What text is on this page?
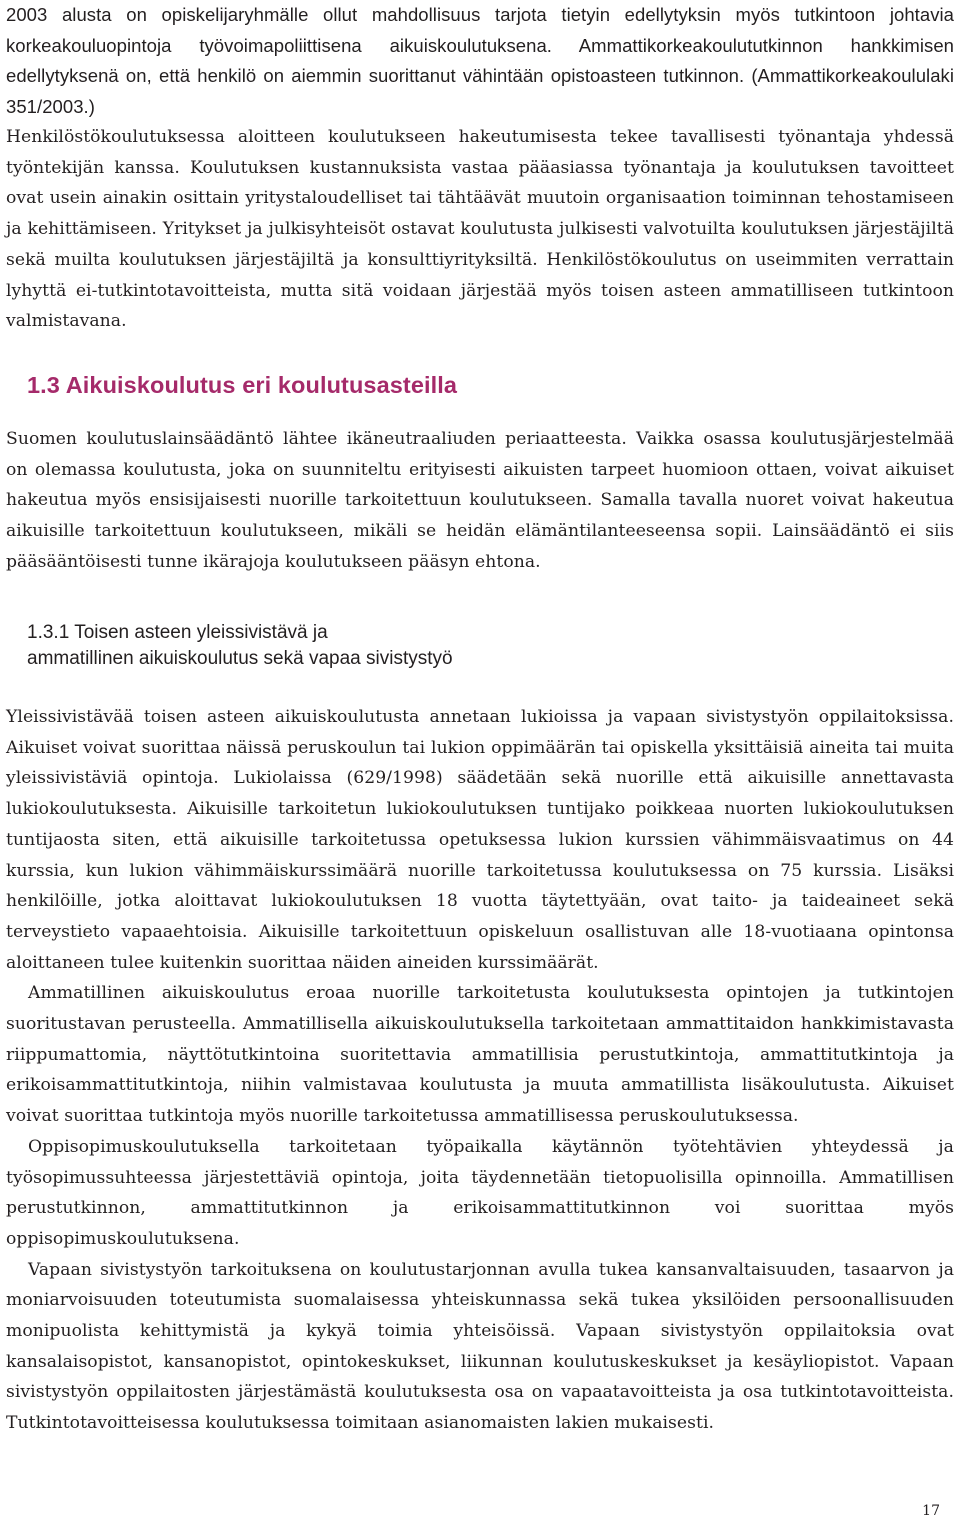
2003 alusta on opiskelijaryhmälle ollut mahdollisuus tarjota tietyin edellytyksin myös tutkintoon johtavia korkeakouluopintoja työvoimapoliittisena aikuiskoulutuksena. Ammattikorkeakoulututkinnon hankkimisen edellytyksenä on, että henkilö on aiemmin suorittanut vähintään opistoasteen tutkinnon. (Ammattikorkeakoululaki 351/2003.)

Henkilöstökoulutuksessa aloitteen koulutukseen hakeutumisesta tekee tavallisesti työnantaja yhdessä työntekijän kanssa. Koulutuksen kustannuksista vastaa pääasiassa työnantaja ja koulutuksen tavoitteet ovat usein ainakin osittain yritystaloudelliset tai tähtäävät muutoin organisaation toiminnan tehostamiseen ja kehittämiseen. Yritykset ja julkisyhteisöt ostavat koulutusta julkisesti valvotuilta koulutuksen järjestäjiltä sekä muilta koulutuksen järjestäjiltä ja konsulttiyrityksiltä. Henkilöstökoulutus on useimmiten verrattain lyhyttä ei-tutkintotavoitteista, mutta sitä voidaan järjestää myös toisen asteen ammatilliseen tutkintoon valmistavana.

1.3 Aikuiskoulutus eri koulutusasteilla

Suomen koulutuslainsäädäntö lähtee ikäneutraaliuden periaatteesta. Vaikka osassa koulutusjärjestelmää on olemassa koulutusta, joka on suunniteltu erityisesti aikuisten tarpeet huomioon ottaen, voivat aikuiset hakeutua myös ensisijaisesti nuorille tarkoitettuun koulutukseen. Samalla tavalla nuoret voivat hakeutua aikuisille tarkoitettuun koulutukseen, mikäli se heidän elämäntilanteeseensa sopii. Lainsäädäntö ei siis pääsääntöisesti tunne ikärajoja koulutukseen pääsyn ehtona.

1.3.1 Toisen asteen yleissivistävä ja
ammatillinen aikuiskoulutus sekä vapaa sivistystyö

Yleissivistävää toisen asteen aikuiskoulutusta annetaan lukioissa ja vapaan sivistystyön oppilaitoksissa. Aikuiset voivat suorittaa näissä peruskoulun tai lukion oppimäärän tai opiskella yksittäisiä aineita tai muita yleissivistäviä opintoja. Lukiolaissa (629/1998) säädetään sekä nuorille että aikuisille annettavasta lukiokoulutuksesta. Aikuisille tarkoitetun lukiokoulutuksen tuntijako poikkeaa nuorten lukiokoulutuksen tuntijaosta siten, että aikuisille tarkoitetussa opetuksessa lukion kurssien vähimmäisvaatimus on 44 kurssia, kun lukion vähimmäiskurssimäärä nuorille tarkoitetussa koulutuksessa on 75 kurssia. Lisäksi henkilöille, jotka aloittavat lukiokoulutuksen 18 vuotta täytettyään, ovat taito- ja taideaineet sekä terveystieto vapaaehtoisia. Aikuisille tarkoitettuun opiskeluun osallistuvan alle 18-vuotiaana opintonsa aloittaneen tulee kuitenkin suorittaa näiden aineiden kurssimäärät.

Ammatillinen aikuiskoulutus eroaa nuorille tarkoitetusta koulutuksesta opintojen ja tutkintojen suoritustavan perusteella. Ammatillisella aikuiskoulutuksella tarkoitetaan ammattitaidon hankkimistavasta riippumattomia, näyttötutkintoina suoritettavia ammatillisia perustutkintoja, ammattitutkintoja ja erikoisammattitutkintoja, niihin valmistavaa koulutusta ja muuta ammatillista lisäkoulutusta. Aikuiset voivat suorittaa tutkintoja myös nuorille tarkoitetussa ammatillisessa peruskoulutuksessa.

Oppisopimuskoulutuksella tarkoitetaan työpaikalla käytännön työtehtävien yhteydessä ja työsopimussuhteessa järjestettäviä opintoja, joita täydennetään tietopuolisilla opinnoilla. Ammatillisen perustutkinnon, ammattitutkinnon ja erikoisammattitutkinnon voi suorittaa myös oppisopimuskoulutuksena.

Vapaan sivistystyön tarkoituksena on koulutustarjonnan avulla tukea kansanvaltaisuuden, tasaarvon ja moniarvoisuuden toteutumista suomalaisessa yhteiskunnassa sekä tukea yksilöiden persoonallisuuden monipuolista kehittymistä ja kykyä toimia yhteisöissä. Vapaan sivistystyön oppilaitoksia ovat kansalaisopistot, kansanopistot, opintokeskukset, liikunnan koulutuskeskukset ja kesäyliopistot. Vapaan sivistystyön oppilaitosten järjestämästä koulutuksesta osa on vapaatavoitteista ja osa tutkintotavoitteista. Tutkintotavoitteisessa koulutuksessa toimitaan asianomaisten lakien mukaisesti.

17
